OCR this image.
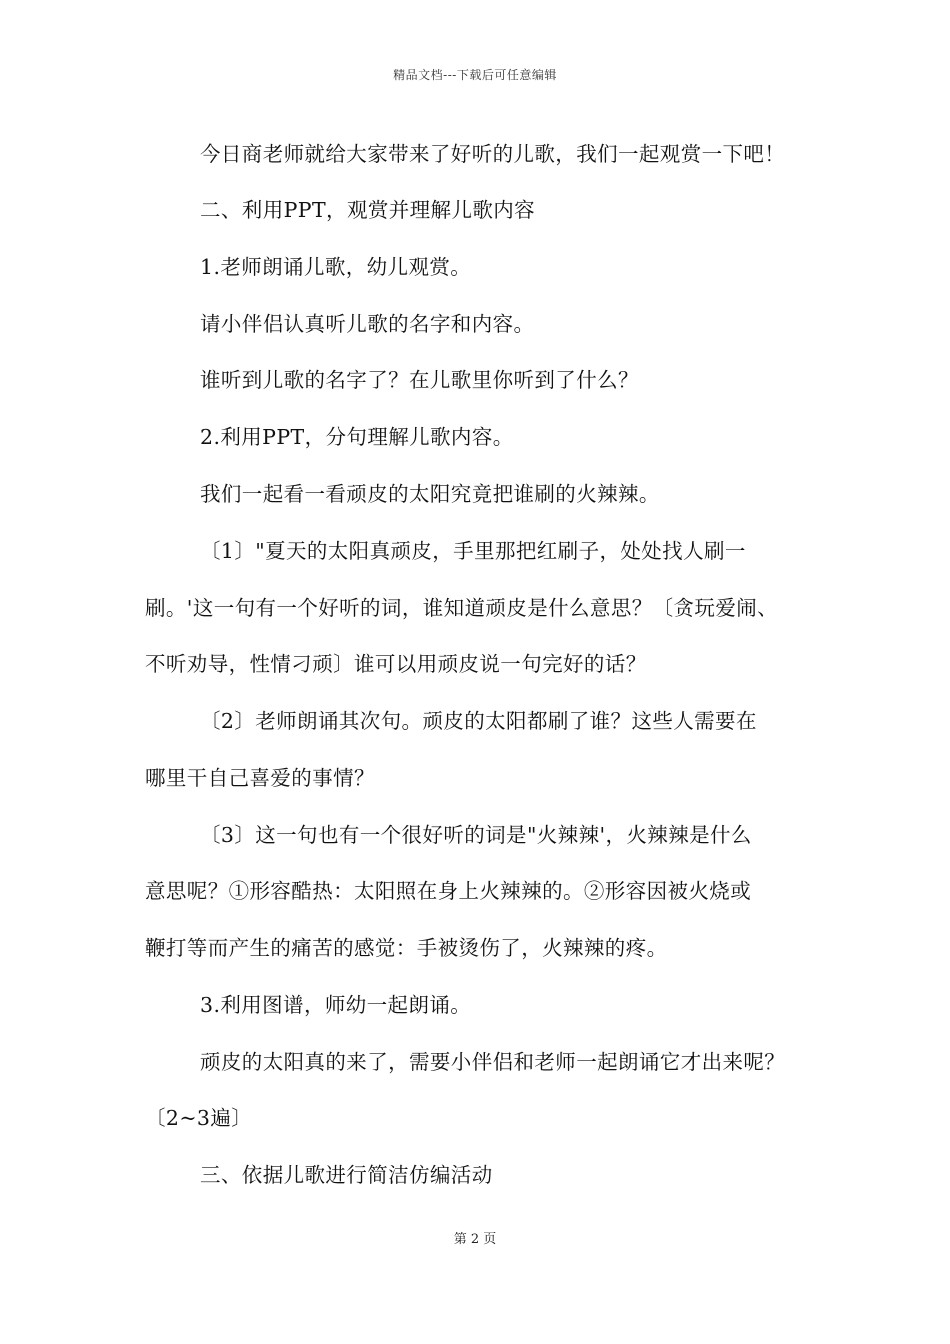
精品文档---下载后可任意编辑
今日商老师就给大家带来了好听的儿歌，我们一起观赏一下吧！
二、利用PPT，观赏并理解儿歌内容
1.老师朗诵儿歌，幼儿观赏。
请小伴侣认真听儿歌的名字和内容。
谁听到儿歌的名字了？在儿歌里你听到了什么？
2.利用PPT，分句理解儿歌内容。
我们一起看一看顽皮的太阳究竟把谁刷的火辣辣。
〔1〕"夏天的太阳真顽皮，手里那把红刷子，处处找人刷一
刷。'这一句有一个好听的词，谁知道顽皮是什么意思？〔贪玩爱闹、
不听劝导，性情刁顽〕谁可以用顽皮说一句完好的话？
〔2〕老师朗诵其次句。顽皮的太阳都刷了谁？这些人需要在
哪里干自己喜爱的事情？
〔3〕这一句也有一个很好听的词是"火辣辣'，火辣辣是什么
意思呢？①形容酷热：太阳照在身上火辣辣的。②形容因被火烧或
鞭打等而产生的痛苦的感觉：手被烫伤了，火辣辣的疼。
3.利用图谱，师幼一起朗诵。
顽皮的太阳真的来了，需要小伴侣和老师一起朗诵它才出来呢？
〔2~3遍〕
三、依据儿歌进行简洁仿编活动
第 2 页
